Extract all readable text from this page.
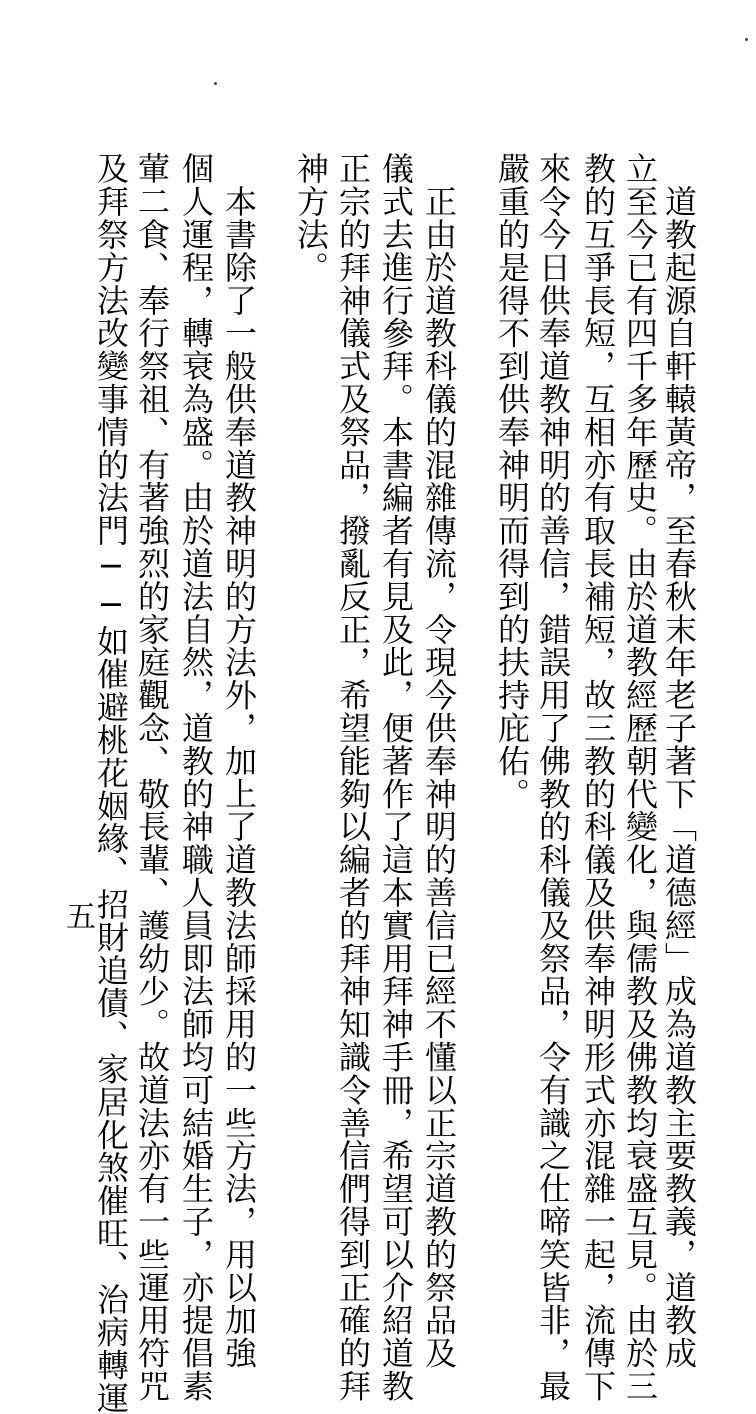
　道教起源自軒轅黃帝，至春秋末年老子著下「道德經」成為道教主要教義，道教成
立至今已有四千多年歷史。由於道教經歷朝代變化，與儒教及佛教均衰盛互見。由於三
教的互爭長短，互相亦有取長補短，故三教的科儀及供奉神明形式亦混雜一起，流傳下
來令今日供奉道教神明的善信，錯誤用了佛教的科儀及祭品，令有識之仕啼笑皆非，最
嚴重的是得不到供奉神明而得到的扶持庇佑。
　正由於道教科儀的混雜傳流，令現今供奉神明的善信已經不懂以正宗道教的祭品及
儀式去進行參拜。本書編者有見及此，便著作了這本實用拜神手冊，希望可以介紹道教
正宗的拜神儀式及祭品，撥亂反正，希望能夠以編者的拜神知識令善信們得到正確的拜
神方法。
　本書除了一般供奉道教神明的方法外，加上了道教法師採用的一些方法，用以加強
個人運程，轉衰為盛。由於道法自然，道教的神職人員即法師均可結婚生子，亦提倡素
葷二食、奉行祭祖、有著強烈的家庭觀念、敬長輩、護幼少。故道法亦有一些運用符咒
及拜祭方法改變事情的法門──如催避桃花姻緣、招財追債、家居化煞催旺、治病轉運
五
